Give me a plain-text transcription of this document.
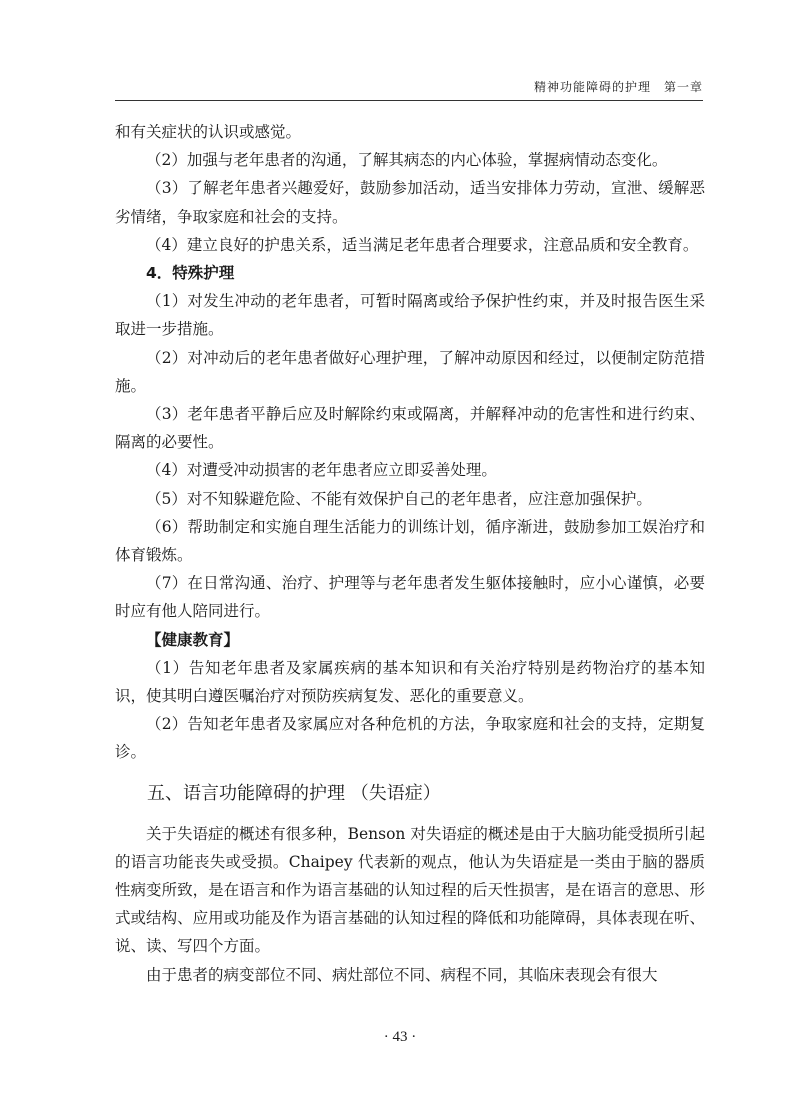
精神功能障碍的护理　第一章

和有关症状的认识或感觉。

（2）加强与老年患者的沟通，了解其病态的内心体验，掌握病情动态变化。

（3）了解老年患者兴趣爱好，鼓励参加活动，适当安排体力劳动，宣泄、缓解恶劣情绪，争取家庭和社会的支持。

（4）建立良好的护患关系，适当满足老年患者合理要求，注意品质和安全教育。

4．特殊护理

（1）对发生冲动的老年患者，可暂时隔离或给予保护性约束，并及时报告医生采取进一步措施。

（2）对冲动后的老年患者做好心理护理，了解冲动原因和经过，以便制定防范措施。

（3）老年患者平静后应及时解除约束或隔离，并解释冲动的危害性和进行约束、隔离的必要性。

（4）对遭受冲动损害的老年患者应立即妥善处理。

（5）对不知躲避危险、不能有效保护自己的老年患者，应注意加强保护。

（6）帮助制定和实施自理生活能力的训练计划，循序渐进，鼓励参加工娱治疗和体育锻炼。

（7）在日常沟通、治疗、护理等与老年患者发生躯体接触时，应小心谨慎，必要时应有他人陪同进行。

【健康教育】

（1）告知老年患者及家属疾病的基本知识和有关治疗特别是药物治疗的基本知识，使其明白遵医嘱治疗对预防疾病复发、恶化的重要意义。

（2）告知老年患者及家属应对各种危机的方法，争取家庭和社会的支持，定期复诊。

五、语言功能障碍的护理 （失语症）

关于失语症的概述有很多种，Benson 对失语症的概述是由于大脑功能受损所引起的语言功能丧失或受损。Chaipey 代表新的观点，他认为失语症是一类由于脑的器质性病变所致，是在语言和作为语言基础的认知过程的后天性损害，是在语言的意思、形式或结构、应用或功能及作为语言基础的认知过程的降低和功能障碍，具体表现在听、说、读、写四个方面。

由于患者的病变部位不同、病灶部位不同、病程不同，其临床表现会有很大

· 43 ·
